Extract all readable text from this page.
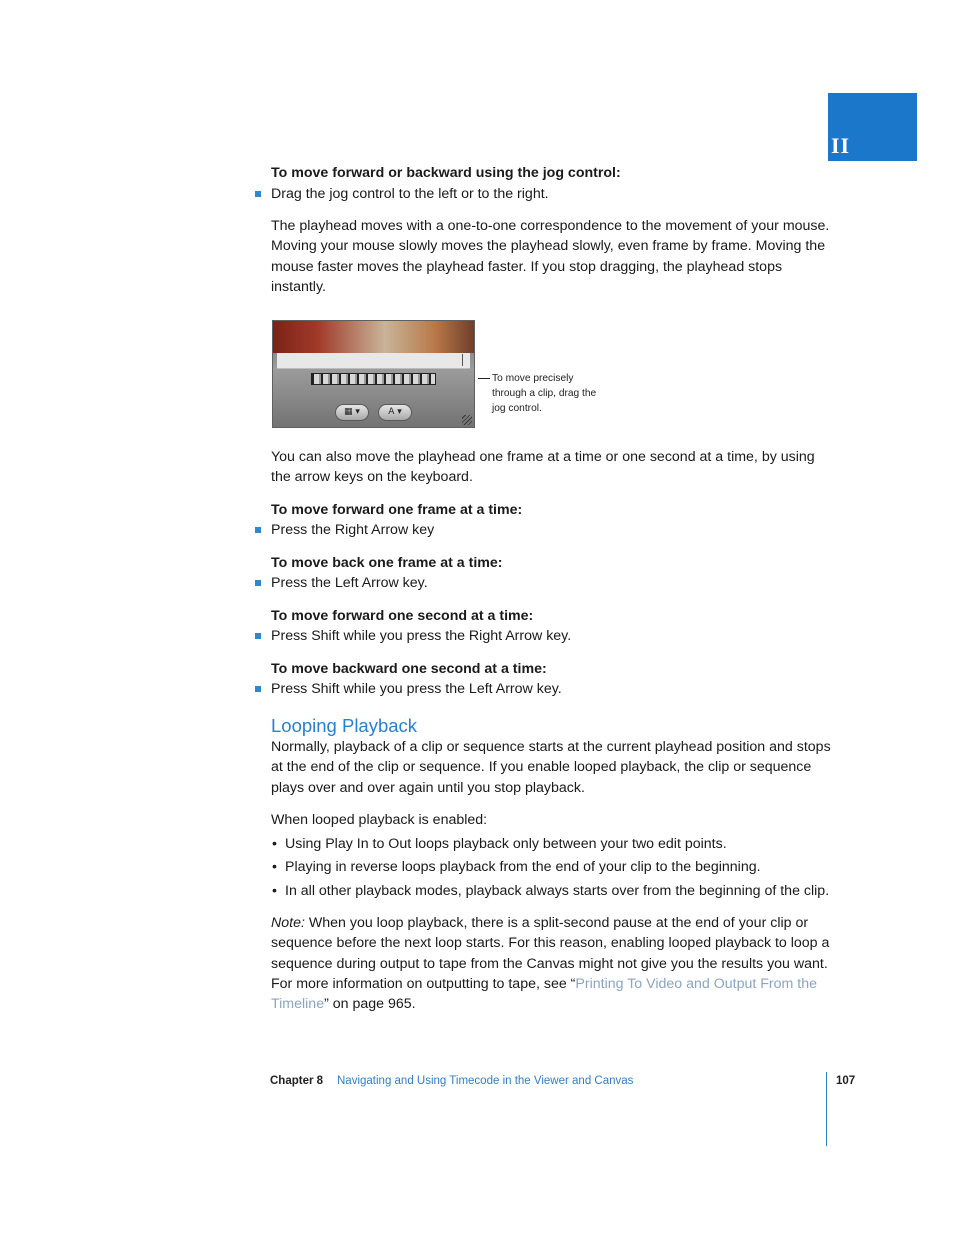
II
To move forward or backward using the jog control:
Drag the jog control to the left or to the right.
The playhead moves with a one-to-one correspondence to the movement of your mouse. Moving your mouse slowly moves the playhead slowly, even frame by frame. Moving the mouse faster moves the playhead faster. If you stop dragging, the playhead stops instantly.
▦ ▾	A ▾
To move precisely through a clip, drag the jog control.
You can also move the playhead one frame at a time or one second at a time, by using the arrow keys on the keyboard.
To move forward one frame at a time:
Press the Right Arrow key
To move back one frame at a time:
Press the Left Arrow key.
To move forward one second at a time:
Press Shift while you press the Right Arrow key.
To move backward one second at a time:
Press Shift while you press the Left Arrow key.
Looping Playback
Normally, playback of a clip or sequence starts at the current playhead position and stops at the end of the clip or sequence. If you enable looped playback, the clip or sequence plays over and over again until you stop playback.
When looped playback is enabled:
• Using Play In to Out loops playback only between your two edit points.
• Playing in reverse loops playback from the end of your clip to the beginning.
• In all other playback modes, playback always starts over from the beginning of the clip.
Note: When you loop playback, there is a split-second pause at the end of your clip or sequence before the next loop starts. For this reason, enabling looped playback to loop a sequence during output to tape from the Canvas might not give you the results you want. For more information on outputting to tape, see “Printing To Video and Output From the Timeline” on page 965.
Chapter 8 Navigating and Using Timecode in the Viewer and Canvas	107
